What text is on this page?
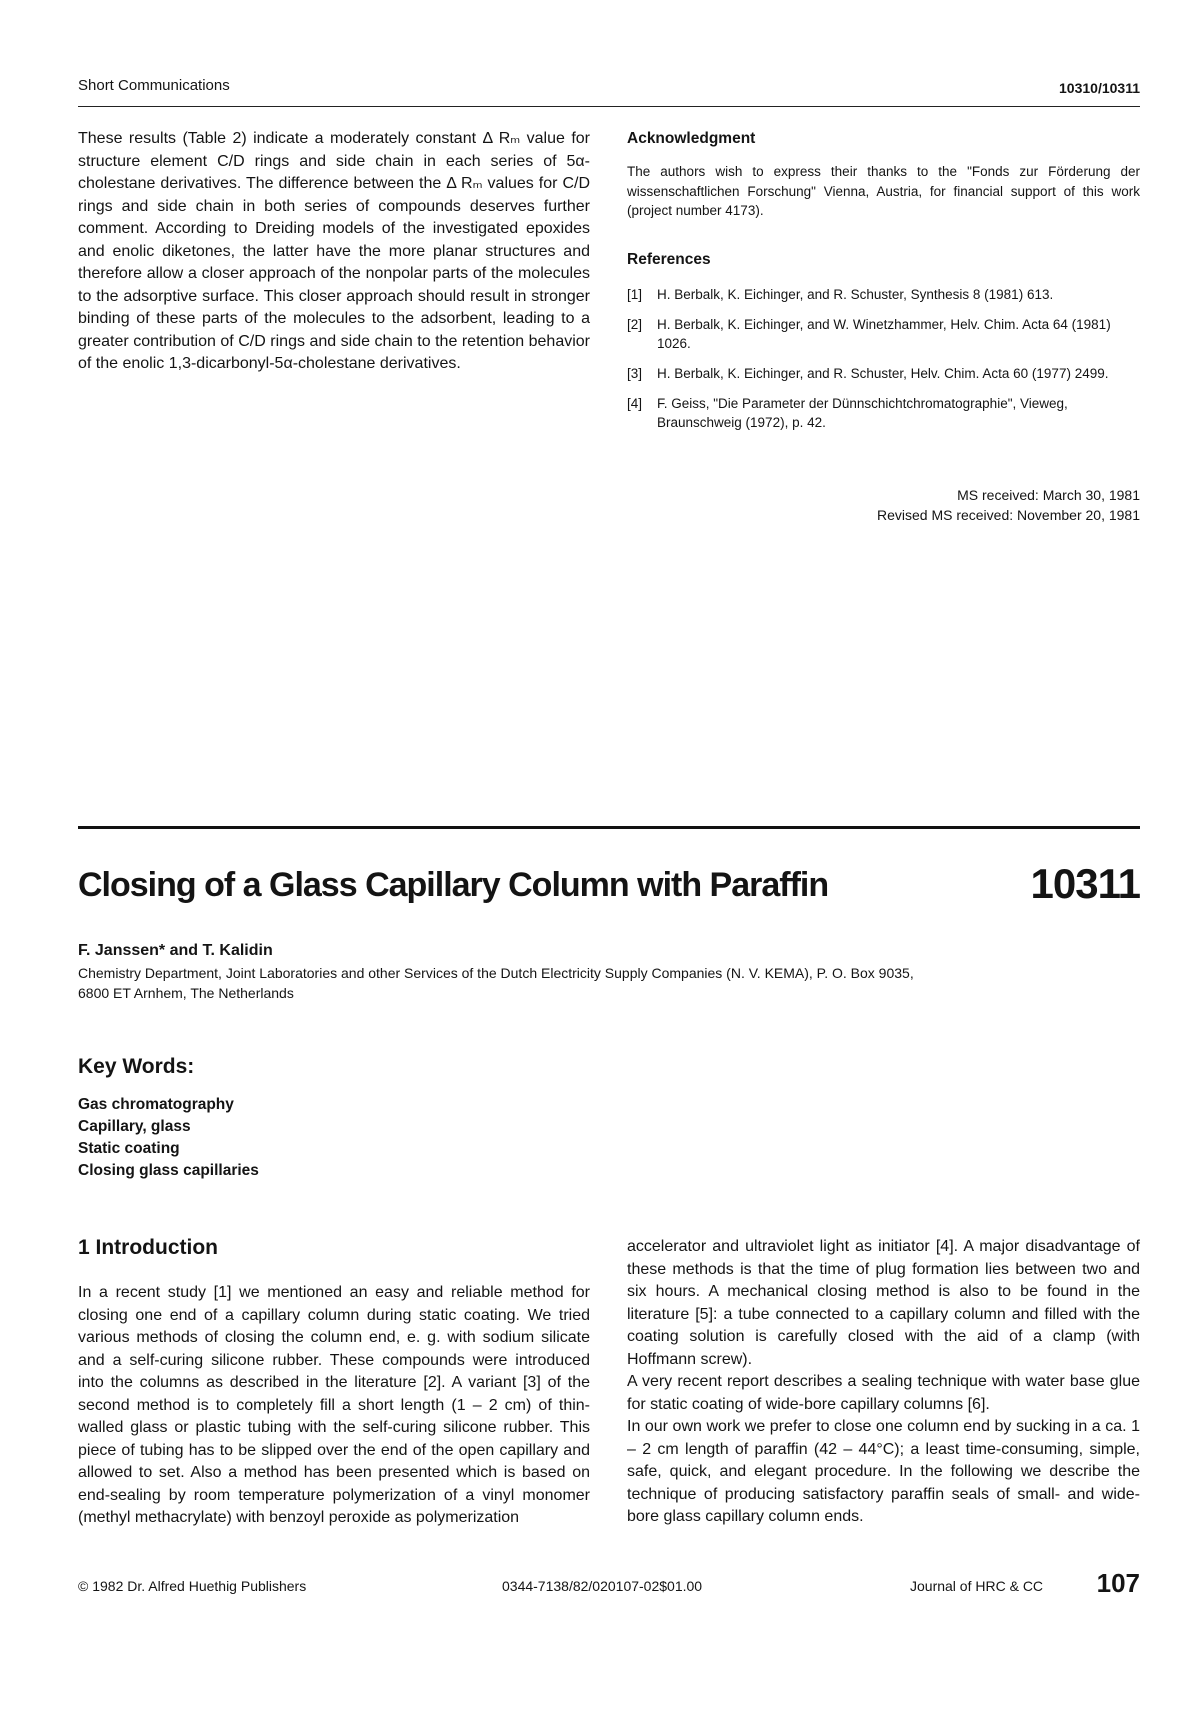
Short Communications	10310/10311

These results (Table 2) indicate a moderately constant Δ Rₘ value for structure element C/D rings and side chain in each series of 5α-cholestane derivatives. The difference between the Δ Rₘ values for C/D rings and side chain in both series of compounds deserves further comment. According to Dreiding models of the investigated epoxides and enolic diketones, the latter have the more planar structures and therefore allow a closer approach of the nonpolar parts of the molecules to the adsorptive surface. This closer approach should result in stronger binding of these parts of the molecules to the adsorbent, leading to a greater contribution of C/D rings and side chain to the retention behavior of the enolic 1,3-dicarbonyl-5α-cholestane derivatives.

Acknowledgment

The authors wish to express their thanks to the "Fonds zur Förderung der wissenschaftlichen Forschung" Vienna, Austria, for financial support of this work (project number 4173).

References
[1]	H. Berbalk, K. Eichinger, and R. Schuster, Synthesis 8 (1981) 613.
[2]	H. Berbalk, K. Eichinger, and W. Winetzhammer, Helv. Chim. Acta 64 (1981) 1026.
[3]	H. Berbalk, K. Eichinger, and R. Schuster, Helv. Chim. Acta 60 (1977) 2499.
[4]	F. Geiss, "Die Parameter der Dünnschichtchromatographie", Vieweg, Braunschweig (1972), p. 42.
MS received: March 30, 1981
Revised MS received: November 20, 1981
Closing of a Glass Capillary Column with Paraffin	10311
F. Janssen* and T. Kalidin
Chemistry Department, Joint Laboratories and other Services of the Dutch Electricity Supply Companies (N. V. KEMA), P. O. Box 9035,
6800 ET Arnhem, The Netherlands
Key Words:
Gas chromatography
Capillary, glass
Static coating
Closing glass capillaries
1 Introduction

In a recent study [1] we mentioned an easy and reliable method for closing one end of a capillary column during static coating. We tried various methods of closing the column end, e. g. with sodium silicate and a self-curing silicone rubber. These compounds were introduced into the columns as described in the literature [2]. A variant [3] of the second method is to completely fill a short length (1 – 2 cm) of thin-walled glass or plastic tubing with the self-curing silicone rubber. This piece of tubing has to be slipped over the end of the open capillary and allowed to set. Also a method has been presented which is based on end-sealing by room temperature polymerization of a vinyl monomer (methyl methacrylate) with benzoyl peroxide as polymerization

accelerator and ultraviolet light as initiator [4]. A major disadvantage of these methods is that the time of plug formation lies between two and six hours. A mechanical closing method is also to be found in the literature [5]: a tube connected to a capillary column and filled with the coating solution is carefully closed with the aid of a clamp (with Hoffmann screw).

A very recent report describes a sealing technique with water base glue for static coating of wide-bore capillary columns [6].

In our own work we prefer to close one column end by sucking in a ca. 1 – 2 cm length of paraffin (42 – 44°C); a least time-consuming, simple, safe, quick, and elegant procedure. In the following we describe the technique of producing satisfactory paraffin seals of small- and wide-bore glass capillary column ends.

© 1982 Dr. Alfred Huethig Publishers	0344-7138/82/020107-02$01.00	Journal of HRC & CC 107
